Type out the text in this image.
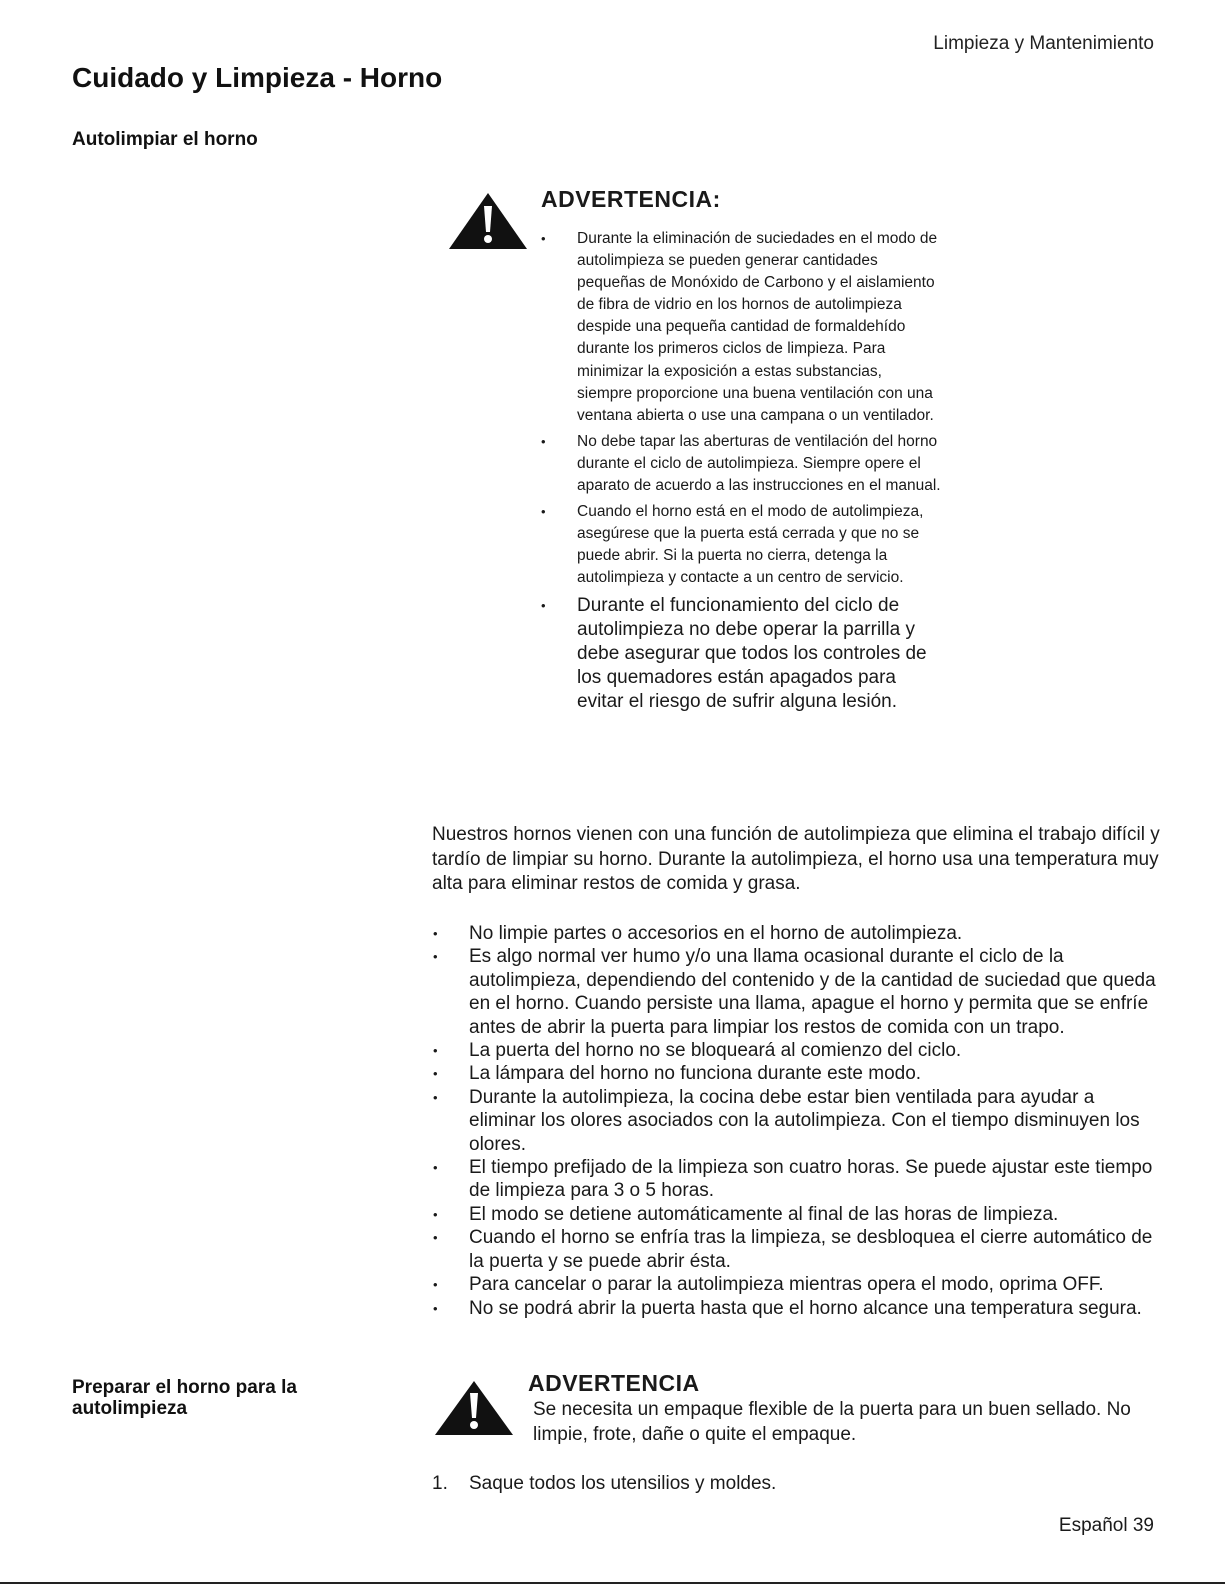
Limpieza y Mantenimiento
Cuidado y Limpieza - Horno
Autolimpiar el horno
ADVERTENCIA:
• Durante la eliminación de suciedades en el modo de autolimpieza se pueden generar cantidades pequeñas de Monóxido de Carbono y el aislamiento de fibra de vidrio en los hornos de autolimpieza despide una pequeña cantidad de formaldehído durante los primeros ciclos de limpieza. Para minimizar la exposición a estas substancias, siempre proporcione una buena ventilación con una ventana abierta o use una campana o un ventilador.
• No debe tapar las aberturas de ventilación del horno durante el ciclo de autolimpieza. Siempre opere el aparato de acuerdo a las instrucciones en el manual.
• Cuando el horno está en el modo de autolimpieza, asegúrese que la puerta está cerrada y que no se puede abrir. Si la puerta no cierra, detenga la autolimpieza y contacte a un centro de servicio.
• Durante el funcionamiento del ciclo de autolimpieza no debe operar la parrilla y debe asegurar que todos los controles de los quemadores están apagados para evitar el riesgo de sufrir alguna lesión.

Nuestros hornos vienen con una función de autolimpieza que elimina el trabajo difícil y tardío de limpiar su horno. Durante la autolimpieza, el horno usa una temperatura muy alta para eliminar restos de comida y grasa.

• No limpie partes o accesorios en el horno de autolimpieza.
• Es algo normal ver humo y/o una llama ocasional durante el ciclo de la autolimpieza, dependiendo del contenido y de la cantidad de suciedad que queda en el horno. Cuando persiste una llama, apague el horno y permita que se enfríe antes de abrir la puerta para limpiar los restos de comida con un trapo.
• La puerta del horno no se bloqueará al comienzo del ciclo.
• La lámpara del horno no funciona durante este modo.
• Durante la autolimpieza, la cocina debe estar bien ventilada para ayudar a eliminar los olores asociados con la autolimpieza. Con el tiempo disminuyen los olores.
• El tiempo prefijado de la limpieza son cuatro horas. Se puede ajustar este tiempo de limpieza para 3 o 5 horas.
• El modo se detiene automáticamente al final de las horas de limpieza.
• Cuando el horno se enfría tras la limpieza, se desbloquea el cierre automático de la puerta y se puede abrir ésta.
• Para cancelar o parar la autolimpieza mientras opera el modo, oprima OFF.
• No se podrá abrir la puerta hasta que el horno alcance una temperatura segura.
Preparar el horno para la autolimpieza
ADVERTENCIA

Se necesita un empaque flexible de la puerta para un buen sellado. No limpie, frote, dañe o quite el empaque.

1. Saque todos los utensilios y moldes.
Español 39
